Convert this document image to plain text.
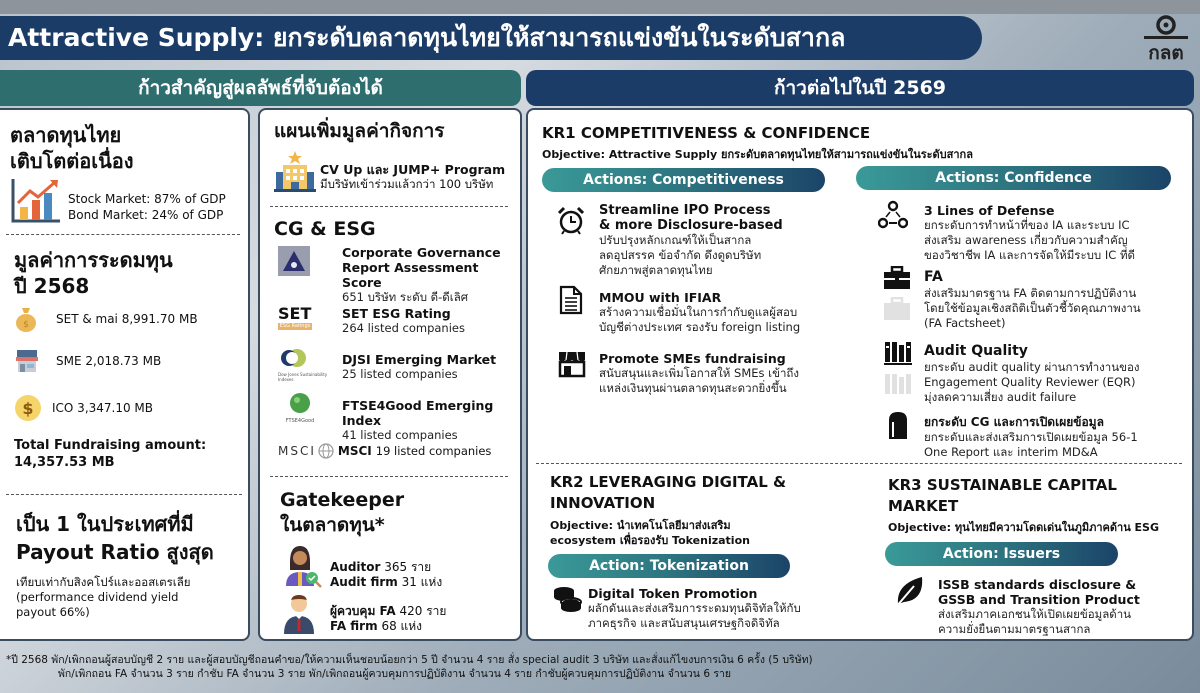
Attractive Supply: ยกระดับตลาดทุนไทยให้สามารถแข่งขันในระดับสากล
กลต
ก้าวสำคัญสู่ผลลัพธ์ที่จับต้องได้	ก้าวต่อไปในปี 2569
ตลาดทุนไทย
เติบโตต่อเนื่อง
Stock Market: 87% of GDP
Bond Market: 24% of GDP
มูลค่าการระดมทุน
ปี 2568
$ SET & mai 8,991.70 MB
SME 2,018.73 MB
$ ICO 3,347.10 MB
Total Fundraising amount:
14,357.53 MB
เป็น 1 ในประเทศที่มี
Payout Ratio สูงสุด
เทียบเท่ากับสิงคโปร์และออสเตรเลีย
(performance dividend yield
payout 66%)
แผนเพิ่มมูลค่ากิจการ
CV Up และ JUMP+ Program
มีบริษัทเข้าร่วมแล้วกว่า 100 บริษัท
CG & ESG
Corporate Governance
Report Assessment Score
651 บริษัท ระดับ ดี-ดีเลิศ
SET
ESG Ratings
SET ESG Rating
264 listed companies
Dow Jones Sustainability Indexes
DJSI Emerging Market
25 listed companies
FTSE4Good
FTSE4Good Emerging Index
41 listed companies
MSCI MSCI 19 listed companies
Gatekeeper
ในตลาดทุน*
Auditor 365 ราย
Audit firm 31 แห่ง
ผู้ควบคุม FA 420 ราย
FA firm 68 แห่ง
KR1 COMPETITIVENESS & CONFIDENCE
Objective: Attractive Supply ยกระดับตลาดทุนไทยให้สามารถแข่งขันในระดับสากล
Actions: Competitiveness
Streamline IPO Process
& more Disclosure-based
ปรับปรุงหลักเกณฑ์ให้เป็นสากล
ลดอุปสรรค ข้อจำกัด ดึงดูดบริษัท
ศักยภาพสู่ตลาดทุนไทย
MMOU with IFIAR
สร้างความเชื่อมั่นในการกำกับดูแลผู้สอบ
บัญชีต่างประเทศ รองรับ foreign listing
Promote SMEs fundraising
สนับสนุนและเพิ่มโอกาสให้ SMEs เข้าถึง
แหล่งเงินทุนผ่านตลาดทุนสะดวกยิ่งขึ้น
Actions: Confidence
3 Lines of Defense
ยกระดับการทำหน้าที่ของ IA และระบบ IC
ส่งเสริม awareness เกี่ยวกับความสำคัญ
ของวิชาชีพ IA และการจัดให้มีระบบ IC ที่ดี
FA
ส่งเสริมมาตรฐาน FA ติดตามการปฏิบัติงาน
โดยใช้ข้อมูลเชิงสถิติเป็นตัวชี้วัดคุณภาพงาน
(FA Factsheet)
Audit Quality
ยกระดับ audit quality ผ่านการทำงานของ
Engagement Quality Reviewer (EQR)
มุ่งลดความเสี่ยง audit failure
ยกระดับ CG และการเปิดเผยข้อมูล
ยกระดับและส่งเสริมการเปิดเผยข้อมูล 56-1
One Report และ interim MD&A
KR2 LEVERAGING DIGITAL &
INNOVATION
Objective: นำเทคโนโลยีมาส่งเสริม
ecosystem เพื่อรองรับ Tokenization
Action: Tokenization
Digital Token Promotion
ผลักดันและส่งเสริมการระดมทุนดิจิทัลให้กับ
ภาคธุรกิจ และสนับสนุนเศรษฐกิจดิจิทัล
KR3 SUSTAINABLE CAPITAL
MARKET
Objective: ทุนไทยมีความโดดเด่นในภูมิภาคด้าน ESG
Action: Issuers
ISSB standards disclosure &
GSSB and Transition Product
ส่งเสริมภาคเอกชนให้เปิดเผยข้อมูลด้าน
ความยั่งยืนตามมาตรฐานสากล
*ปี 2568 พัก/เพิกถอนผู้สอบบัญชี 2 ราย และผู้สอบบัญชีถอนคำขอ/ให้ความเห็นชอบน้อยกว่า 5 ปี จำนวน 4 ราย สั่ง special audit 3 บริษัท และสั่งแก้ไขงบการเงิน 6 ครั้ง (5 บริษัท)
พัก/เพิกถอน FA จำนวน 3 ราย กำชับ FA จำนวน 3 ราย พัก/เพิกถอนผู้ควบคุมการปฏิบัติงาน จำนวน 4 ราย กำชับผู้ควบคุมการปฏิบัติงาน จำนวน 6 ราย
